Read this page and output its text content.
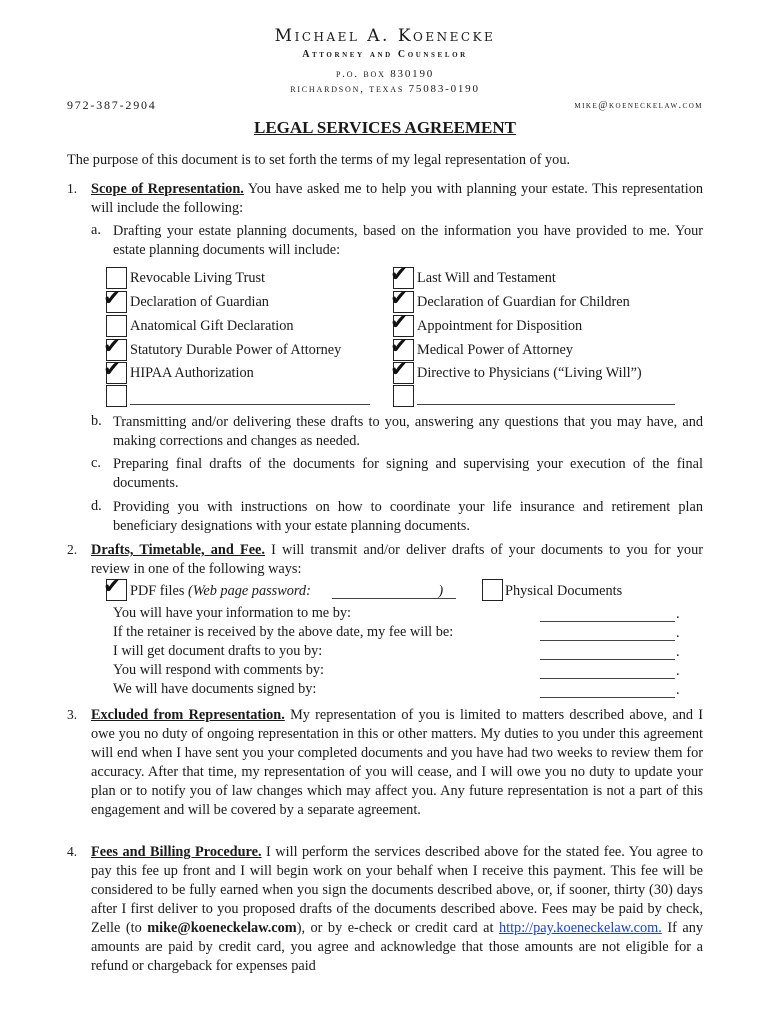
Michael A. Koenecke
Attorney and Counselor
p.o. box 830190
richardson, texas 75083-0190
972-387-2904	mike@koeneckelaw.com
LEGAL SERVICES AGREEMENT
The purpose of this document is to set forth the terms of my legal representation of you.
1. Scope of Representation. You have asked me to help you with planning your estate. This representation will include the following:
a. Drafting your estate planning documents, based on the information you have provided to me. Your estate planning documents will include:
Revocable Living Trust	✔ Last Will and Testament
✔ Declaration of Guardian	✔ Declaration of Guardian for Children
Anatomical Gift Declaration	✔ Appointment for Disposition
✔ Statutory Durable Power of Attorney ✔ Medical Power of Attorney
✔ HIPAA Authorization	✔ Directive to Physicians (“Living Will”)
b. Transmitting and/or delivering these drafts to you, answering any questions that you may have, and making corrections and changes as needed.
c. Preparing final drafts of the documents for signing and supervising your execution of the final documents.
d. Providing you with instructions on how to coordinate your life insurance and retirement plan beneficiary designations with your estate planning documents.
2. Drafts, Timetable, and Fee. I will transmit and/or deliver drafts of your documents to you for your review in one of the following ways:
✔ PDF files (Web page password:	)	Physical Documents
You will have your information to me by:	.
If the retainer is received by the above date, my fee will be:	.
I will get document drafts to you by:	.
You will respond with comments by:	.
We will have documents signed by:	.
3. Excluded from Representation. My representation of you is limited to matters described above, and I owe you no duty of ongoing representation in this or other matters. My duties to you under this agreement will end when I have sent you your completed documents and you have had two weeks to review them for accuracy. After that time, my representation of you will cease, and I will owe you no duty to update your plan or to notify you of law changes which may affect you. Any future representation is not a part of this engagement and will be covered by a separate agreement.
4. Fees and Billing Procedure. I will perform the services described above for the stated fee. You agree to pay this fee up front and I will begin work on your behalf when I receive this payment. This fee will be considered to be fully earned when you sign the documents described above, or, if sooner, thirty (30) days after I first deliver to you proposed drafts of the documents described above. Fees may be paid by check, Zelle (to mike@koeneckelaw.com), or by e-check or credit card at http://pay.koeneckelaw.com. If any amounts are paid by credit card, you agree and acknowledge that those amounts are not eligible for a refund or chargeback for expenses paid
